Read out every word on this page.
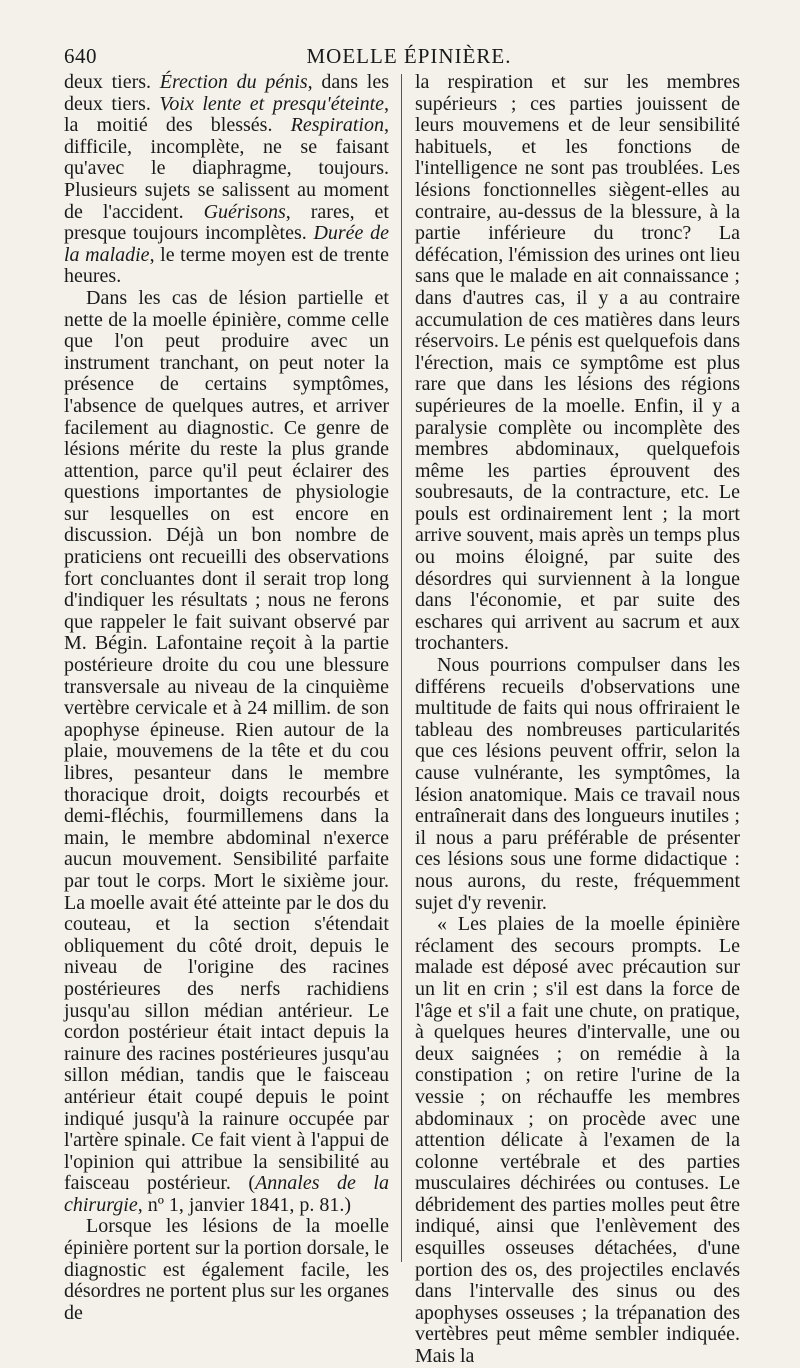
640	MOELLE ÉPINIÈRE.

deux tiers. Érection du pénis, dans les deux tiers. Voix lente et presqu'éteinte, la moitié des blessés. Respiration, difficile, incomplète, ne se faisant qu'avec le diaphragme, toujours. Plusieurs sujets se salissent au moment de l'accident. Guérisons, rares, et presque toujours incomplètes. Durée de la maladie, le terme moyen est de trente heures.

Dans les cas de lésion partielle et nette de la moelle épinière, comme celle que l'on peut produire avec un instrument tranchant, on peut noter la présence de certains symptômes, l'absence de quelques autres, et arriver facilement au diagnostic. Ce genre de lésions mérite du reste la plus grande attention, parce qu'il peut éclairer des questions importantes de physiologie sur lesquelles on est encore en discussion. Déjà un bon nombre de praticiens ont recueilli des observations fort concluantes dont il serait trop long d'indiquer les résultats ; nous ne ferons que rappeler le fait suivant observé par M. Bégin. Lafontaine reçoit à la partie postérieure droite du cou une blessure transversale au niveau de la cinquième vertèbre cervicale et à 24 millim. de son apophyse épineuse. Rien autour de la plaie, mouvemens de la tête et du cou libres, pesanteur dans le membre thoracique droit, doigts recourbés et demi-fléchis, fourmillemens dans la main, le membre abdominal n'exerce aucun mouvement. Sensibilité parfaite par tout le corps. Mort le sixième jour. La moelle avait été atteinte par le dos du couteau, et la section s'étendait obliquement du côté droit, depuis le niveau de l'origine des racines postérieures des nerfs rachidiens jusqu'au sillon médian antérieur. Le cordon postérieur était intact depuis la rainure des racines postérieures jusqu'au sillon médian, tandis que le faisceau antérieur était coupé depuis le point indiqué jusqu'à la rainure occupée par l'artère spinale. Ce fait vient à l'appui de l'opinion qui attribue la sensibilité au faisceau postérieur. (Annales de la chirurgie, nº 1, janvier 1841, p. 81.)

Lorsque les lésions de la moelle épinière portent sur la portion dorsale, le diagnostic est également facile, les désordres ne portent plus sur les organes de

la respiration et sur les membres supérieurs ; ces parties jouissent de leurs mouvemens et de leur sensibilité habituels, et les fonctions de l'intelligence ne sont pas troublées. Les lésions fonctionnelles siègent-elles au contraire, au-dessus de la blessure, à la partie inférieure du tronc? La défécation, l'émission des urines ont lieu sans que le malade en ait connaissance ; dans d'autres cas, il y a au contraire accumulation de ces matières dans leurs réservoirs. Le pénis est quelquefois dans l'érection, mais ce symptôme est plus rare que dans les lésions des régions supérieures de la moelle. Enfin, il y a paralysie complète ou incomplète des membres abdominaux, quelquefois même les parties éprouvent des soubresauts, de la contracture, etc. Le pouls est ordinairement lent ; la mort arrive souvent, mais après un temps plus ou moins éloigné, par suite des désordres qui surviennent à la longue dans l'économie, et par suite des eschares qui arrivent au sacrum et aux trochanters.

Nous pourrions compulser dans les différens recueils d'observations une multitude de faits qui nous offriraient le tableau des nombreuses particularités que ces lésions peuvent offrir, selon la cause vulnérante, les symptômes, la lésion anatomique. Mais ce travail nous entraînerait dans des longueurs inutiles ; il nous a paru préférable de présenter ces lésions sous une forme didactique : nous aurons, du reste, fréquemment sujet d'y revenir.

« Les plaies de la moelle épinière réclament des secours prompts. Le malade est déposé avec précaution sur un lit en crin ; s'il est dans la force de l'âge et s'il a fait une chute, on pratique, à quelques heures d'intervalle, une ou deux saignées ; on remédie à la constipation ; on retire l'urine de la vessie ; on réchauffe les membres abdominaux ; on procède avec une attention délicate à l'examen de la colonne vertébrale et des parties musculaires déchirées ou contuses. Le débridement des parties molles peut être indiqué, ainsi que l'enlèvement des esquilles osseuses détachées, d'une portion des os, des projectiles enclavés dans l'intervalle des sinus ou des apophyses osseuses ; la trépanation des vertèbres peut même sembler indiquée. Mais la
